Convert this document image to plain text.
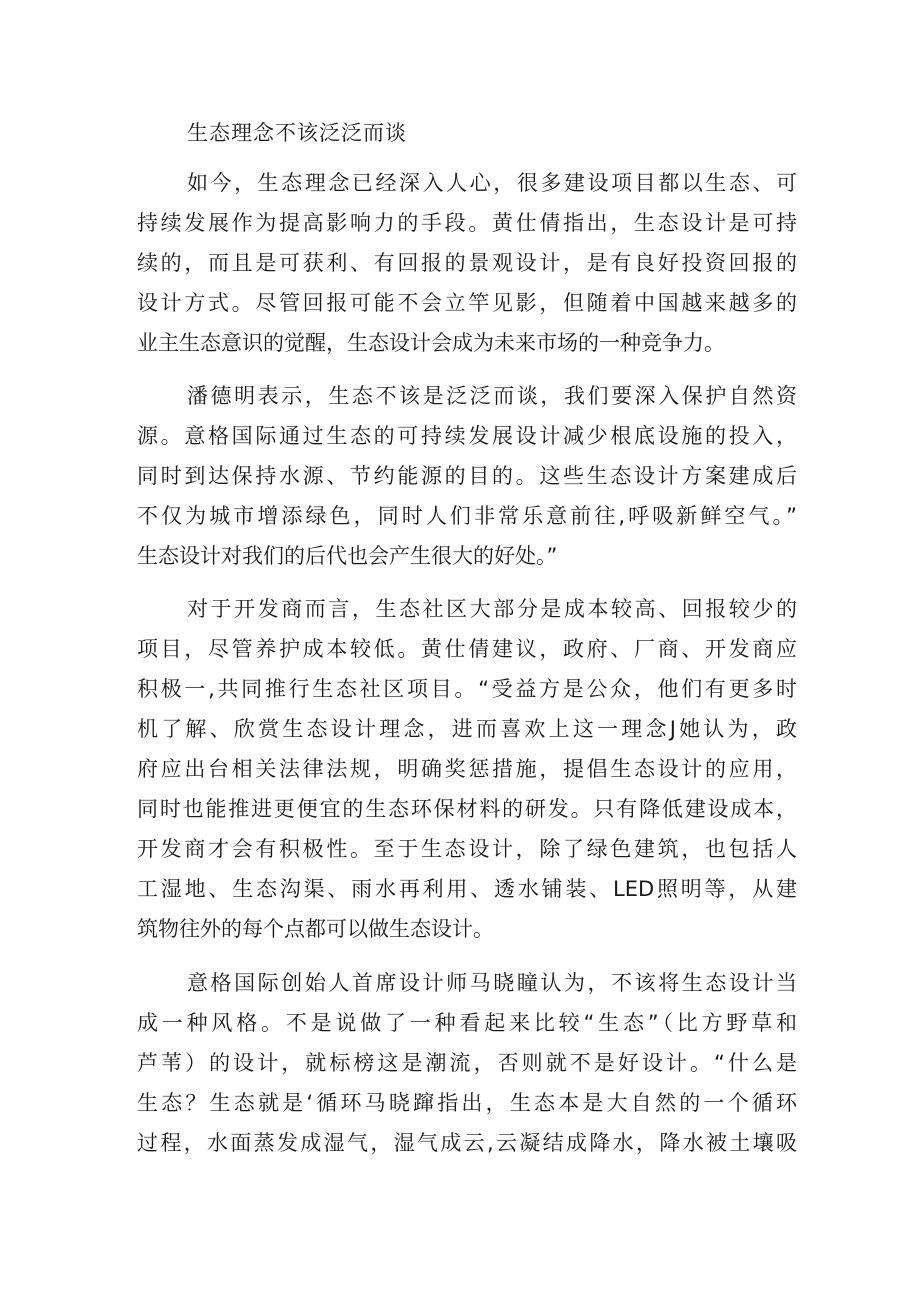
生态理念不该泛泛而谈
如今，生态理念已经深入人心，很多建设项目都以生态、可
持续发展作为提高影响力的手段。黄仕倩指出，生态设计是可持
续的，而且是可获利、有回报的景观设计，是有良好投资回报的
设计方式。尽管回报可能不会立竿见影，但随着中国越来越多的
业主生态意识的觉醒，生态设计会成为未来市场的一种竞争力。
潘德明表示，生态不该是泛泛而谈，我们要深入保护自然资
源。意格国际通过生态的可持续发展设计减少根底设施的投入，
同时到达保持水源、节约能源的目的。这些生态设计方案建成后
不仅为城市增添绿色，同时人们非常乐意前往,呼吸新鲜空气。”
生态设计对我们的后代也会产生很大的好处。”
对于开发商而言，生态社区大部分是成本较高、回报较少的
项目，尽管养护成本较低。黄仕倩建议，政府、厂商、开发商应
积极一,共同推行生态社区项目。“受益方是公众，他们有更多时
机了解、欣赏生态设计理念，进而喜欢上这一理念J她认为，政
府应出台相关法律法规，明确奖惩措施，提倡生态设计的应用，
同时也能推进更便宜的生态环保材料的研发。只有降低建设成本，
开发商才会有积极性。至于生态设计，除了绿色建筑，也包括人
工湿地、生态沟渠、雨水再利用、透水铺装、LED照明等，从建
筑物往外的每个点都可以做生态设计。
意格国际创始人首席设计师马晓瞳认为，不该将生态设计当
成一种风格。不是说做了一种看起来比较“生态”（比方野草和
芦苇）的设计，就标榜这是潮流，否则就不是好设计。“什么是
生态？生态就是‘循环马晓蹿指出，生态本是大自然的一个循环
过程，水面蒸发成湿气，湿气成云,云凝结成降水，降水被土壤吸
